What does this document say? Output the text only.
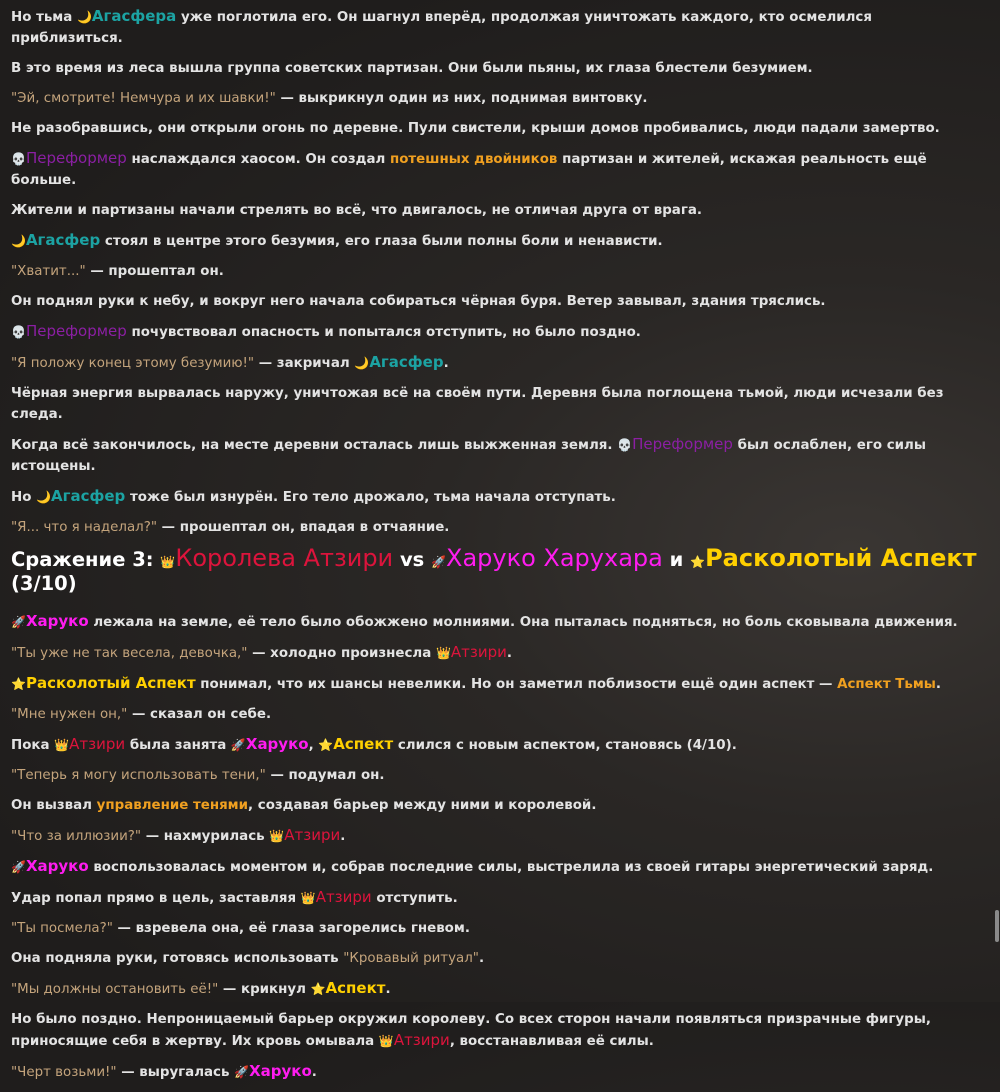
Но тьма 🌙Агасфера уже поглотила его. Он шагнул вперёд, продолжая уничтожать каждого, кто осмелился приблизиться.

В это время из леса вышла группа советских партизан. Они были пьяны, их глаза блестели безумием.

"Эй, смотрите! Немчура и их шавки!" — выкрикнул один из них, поднимая винтовку.

Не разобравшись, они открыли огонь по деревне. Пули свистели, крыши домов пробивались, люди падали замертво.

💀Переформер наслаждался хаосом. Он создал потешных двойников партизан и жителей, искажая реальность ещё больше.

Жители и партизаны начали стрелять во всё, что двигалось, не отличая друга от врага.

🌙Агасфер стоял в центре этого безумия, его глаза были полны боли и ненависти.

"Хватит..." — прошептал он.

Он поднял руки к небу, и вокруг него начала собираться чёрная буря. Ветер завывал, здания тряслись.

💀Переформер почувствовал опасность и попытался отступить, но было поздно.

"Я положу конец этому безумию!" — закричал 🌙Агасфер.

Чёрная энергия вырвалась наружу, уничтожая всё на своём пути. Деревня была поглощена тьмой, люди исчезали без следа.

Когда всё закончилось, на месте деревни осталась лишь выжженная земля. 💀Переформер был ослаблен, его силы истощены.

Но 🌙Агасфер тоже был изнурён. Его тело дрожало, тьма начала отступать.

"Я... что я наделал?" — прошептал он, впадая в отчаяние.

Сражение 3: 👑Королева Атзири vs 🚀Харуко Харухара и ⭐Расколотый Аспект
(3/10)

🚀Харуко лежала на земле, её тело было обожжено молниями. Она пыталась подняться, но боль сковывала движения.

"Ты уже не так весела, девочка," — холодно произнесла 👑Атзири.

⭐Расколотый Аспект понимал, что их шансы невелики. Но он заметил поблизости ещё один аспект — Аспект Тьмы.

"Мне нужен он," — сказал он себе.

Пока 👑Атзири была занята 🚀Харуко, ⭐Аспект слился с новым аспектом, становясь (4/10).

"Теперь я могу использовать тени," — подумал он.

Он вызвал управление тенями, создавая барьер между ними и королевой.

"Что за иллюзии?" — нахмурилась 👑Атзири.

🚀Харуко воспользовалась моментом и, собрав последние силы, выстрелила из своей гитары энергетический заряд.

Удар попал прямо в цель, заставляя 👑Атзири отступить.

"Ты посмела?" — взревела она, её глаза загорелись гневом.

Она подняла руки, готовясь использовать "Кровавый ритуал".

"Мы должны остановить её!" — крикнул ⭐Аспект.

Но было поздно. Непроницаемый барьер окружил королеву. Со всех сторон начали появляться призрачные фигуры, приносящие себя в жертву. Их кровь омывала 👑Атзири, восстанавливая её силы.

"Черт возьми!" — выругалась 🚀Харуко.
